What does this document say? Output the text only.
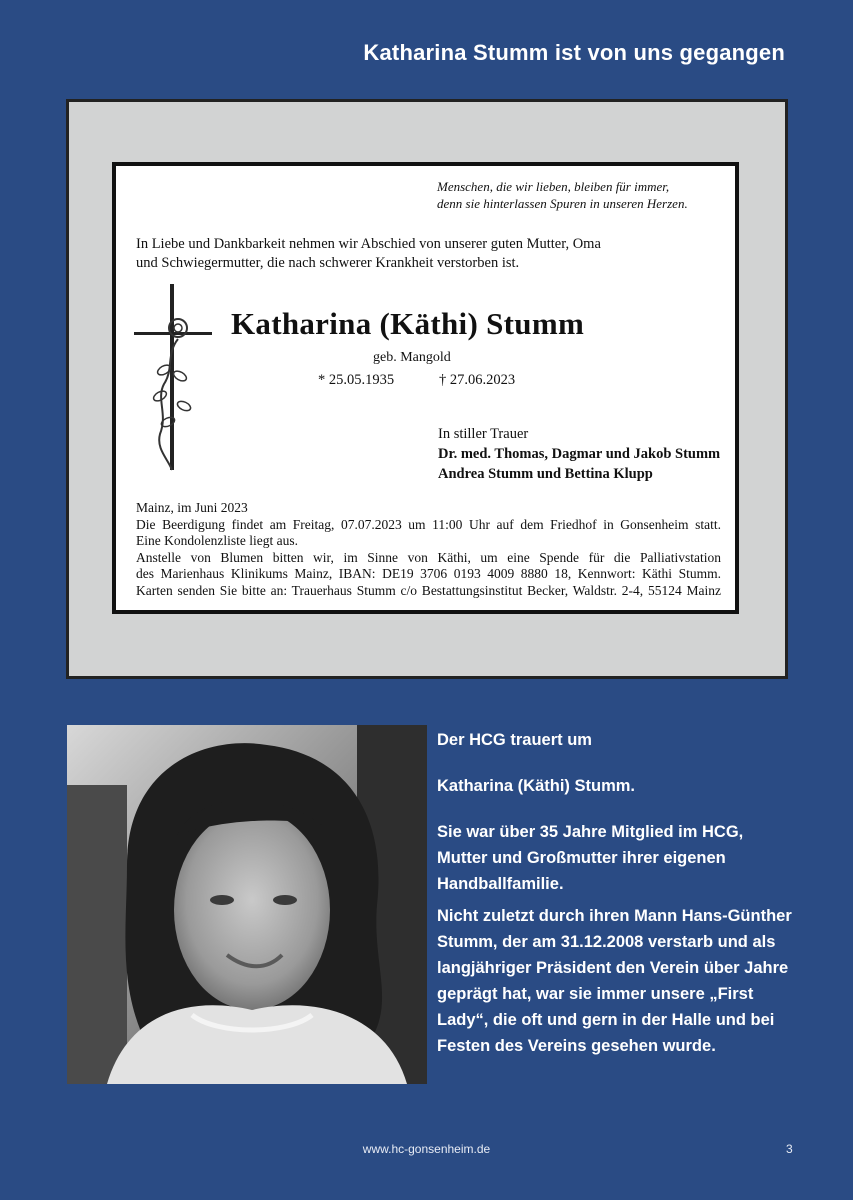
Katharina Stumm ist von uns gegangen
Menschen, die wir lieben, bleiben für immer,
denn sie hinterlassen Spuren in unseren Herzen.
In Liebe und Dankbarkeit nehmen wir Abschied von unserer guten Mutter, Oma
und Schwiegermutter, die nach schwerer Krankheit verstorben ist.
Katharina (Käthi) Stumm
geb. Mangold
* 25.05.1935	† 27.06.2023
In stiller Trauer
Dr. med. Thomas, Dagmar und Jakob Stumm
Andrea Stumm und Bettina Klupp
Mainz, im Juni 2023
Die Beerdigung findet am Freitag, 07.07.2023 um 11:00 Uhr auf dem Friedhof in Gonsenheim statt.
Eine Kondolenzliste liegt aus.
Anstelle von Blumen bitten wir, im Sinne von Käthi, um eine Spende für die Palliativstation
des Marienhaus Klinikums Mainz, IBAN: DE19 3706 0193 4009 8880 18, Kennwort: Käthi Stumm.
Karten senden Sie bitte an: Trauerhaus Stumm c/o Bestattungsinstitut Becker, Waldstr. 2-4, 55124 Mainz

Der HCG trauert um

Katharina (Käthi) Stumm.

Sie war über 35 Jahre Mitglied im HCG, Mutter und Großmutter ihrer eigenen Handballfamilie.

Nicht zuletzt durch ihren Mann Hans-Günther Stumm, der am 31.12.2008 verstarb und als langjähriger Präsident den Verein über Jahre geprägt hat, war sie immer unsere „First Lady“, die oft und gern in der Halle und bei Festen des Vereins gesehen wurde.

www.hc-gonsenheim.de	3
